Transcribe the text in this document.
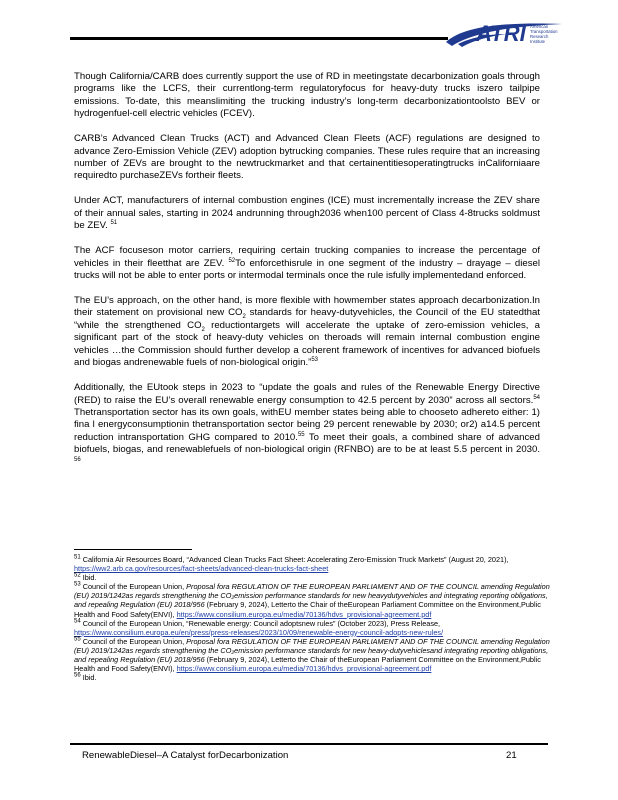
ATRI American
Transportation
Research
Institute

Though California/CARB does currently support the use of RD in meetingstate decarbonization goals through programs like the LCFS, their currentlong-term regulatoryfocus for heavy-duty trucks iszero tailpipe emissions. To-date, this meanslimiting the trucking industry’s long-term decarbonizationtoolsto BEV or hydrogenfuel-cell electric vehicles (FCEV).

CARB’s Advanced Clean Trucks (ACT) and Advanced Clean Fleets (ACF) regulations are designed to advance Zero-Emission Vehicle (ZEV) adoption bytrucking companies. These rules require that an increasing number of ZEVs are brought to the newtruckmarket and that certainentitiesoperatingtrucks inCaliforniaare requiredto purchaseZEVs fortheir fleets.

Under ACT, manufacturers of internal combustion engines (ICE) must incrementally increase the ZEV share of their annual sales, starting in 2024 andrunning through2036 when100 percent of Class 4-8trucks soldmust be ZEV. $^{51}$

The ACF focuseson motor carriers, requiring certain trucking companies to increase the percentage of vehicles in their fleetthat are ZEV. $^{52}$To enforcethisrule in one segment of the industry – drayage – diesel trucks will not be able to enter ports or intermodal terminals once the rule isfully implementedand enforced.

The EU’s approach, on the other hand, is more flexible with howmember states approach decarbonization.In their statement on provisional new $CO_2$ standards for heavy-dutyvehicles, the Council of the EU statedthat “while the strengthened $CO_2$ reductiontargets will accelerate the uptake of zero-emission vehicles, a significant part of the stock of heavy-duty vehicles on theroads will remain internal combustion engine vehicles …the Commission should further develop a coherent framework of incentives for advanced biofuels and biogas andrenewable fuels of non-biological origin.”$^{53}$

Additionally, the EUtook steps in 2023 to “update the goals and rules of the Renewable Energy Directive (RED) to raise the EU’s overall renewable energy consumption to 42.5 percent by 2030” across all sectors.$^{54}$ Thetransportation sector has its own goals, withEU member states being able to chooseto adhereto either: 1) fina l energyconsumptionin thetransportation sector being 29 percent renewable by 2030; or2) a14.5 percent reduction intransportation GHG compared to 2010.55 To meet their goals, a combined share of advanced biofuels, biogas, and renewablefuels of non-biological origin (RFNBO) are to be at least 5.5 percent in 2030. $^{56}$

$^{51}$ California Air Resources Board, “Advanced Clean Trucks Fact Sheet: Accelerating Zero-Emission Truck Markets” (August 20, 2021), https://ww2.arb.ca.gov/resources/fact-sheets/advanced-clean-trucks-fact-sheet

$^{52}$ Ibid.

$^{53}$ Council of the European Union, Proposal fora REGULATION OF THE EUROPEAN PARLIAMENT AND OF THE COUNCIL amending Regulation (EU) 2019/1242as regards strengthening the CO₂emission performance standards for new heavydutyvehicles and integrating reporting obligations, and repealing Regulation (EU) 2018/956 (February 9, 2024), Letterto the Chair of theEuropean Parliament Committee on the Environment,Public Health and Food Safety(ENVI), https://www.consilium.europa.eu/media/70136/hdvs_provisional-agreement.pdf

$^{54}$ Council of the European Union, “Renewable energy: Council adoptsnew rules” (October 2023), Press Release, https://www.consilium.europa.eu/en/press/press-releases/2023/10/09/renewable-energy-council-adopts-new-rules/

$^{55}$ Council of the European Union, Proposal fora REGULATION OF THE EUROPEAN PARLIAMENT AND OF THE COUNCIL amending Regulation (EU) 2019/1242as regards strengthening the CO₂emission performance standards for new heavy-dutyvehiclesand integrating reporting obligations, and repealing Regulation (EU) 2018/956 (February 9, 2024), Letterto the Chair of theEuropean Parliament Committee on the Environment,Public Health and Food Safety(ENVI), https://www.consilium.europa.eu/media/70136/hdvs_provisional-agreement.pdf

$^{56}$ Ibid.

RenewableDiesel–A Catalyst forDecarbonization	21
